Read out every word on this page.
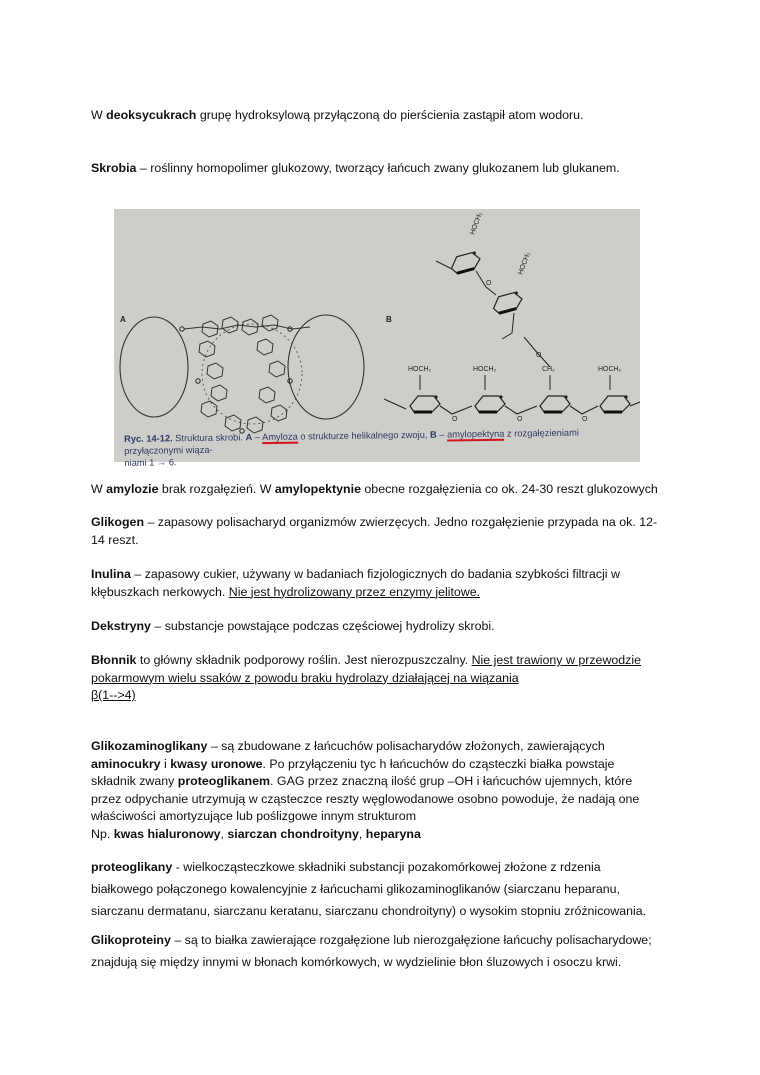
W deoksycukrach grupę hydroksylową przyłączoną do pierścienia zastąpił atom wodoru.

Skrobia – roślinny homopolimer glukozowy, tworzący łańcuch zwany glukozanem lub glukanem.

O	O	O
HOCH₂	HOCH₂	CH₂	HOCH₂
O
O
HOCH₂
HOCH₂
A	B
Ryc. 14-12. Struktura skrobi. A – Amyloza o strukturze helikalnego zwoju, B – amylopektyna z rozgałęzieniami przyłączonymi wiąza-
niami 1 → 6.

W amylozie brak rozgałęzień. W amylopektynie obecne rozgałęzienia co ok. 24-30 reszt glukozowych

Glikogen – zapasowy polisacharyd organizmów zwierzęcych. Jedno rozgałęzienie przypada na ok. 12-
14 reszt.

Inulina – zapasowy cukier, używany w badaniach fizjologicznych do badania szybkości filtracji w
kłębuszkach nerkowych. Nie jest hydrolizowany przez enzymy jelitowe.

Dekstryny – substancje powstające podczas częściowej hydrolizy skrobi.

Błonnik to główny składnik podporowy roślin. Jest nierozpuszczalny. Nie jest trawiony w przewodzie
pokarmowym wielu ssaków z powodu braku hydrolazy działającej na wiązania
β(1-->4)

Glikozaminoglikany – są zbudowane z łańcuchów polisacharydów złożonych, zawierających
aminocukry i kwasy uronowe. Po przyłączeniu tyc h łańcuchów do cząsteczki białka powstaje
składnik zwany proteoglikanem. GAG przez znaczną ilość grup –OH i łańcuchów ujemnych, które
przez odpychanie utrzymują w cząsteczce reszty węglowodanowe osobno powoduje, że nadają one
właściwości amortyzujące lub poślizgowe innym strukturom
Np. kwas hialuronowy, siarczan chondroityny, heparyna

proteoglikany - wielkocząsteczkowe składniki substancji pozakomórkowej złożone z rdzenia
białkowego połączonego kowalencyjnie z łańcuchami glikozaminoglikanów (siarczanu heparanu,
siarczanu dermatanu, siarczanu keratanu, siarczanu chondroityny) o wysokim stopniu zróżnicowania.

Glikoproteiny – są to białka zawierające rozgałęzione lub nierozgałęzione łańcuchy polisacharydowe;
znajdują się między innymi w błonach komórkowych, w wydzielinie błon śluzowych i osoczu krwi.
